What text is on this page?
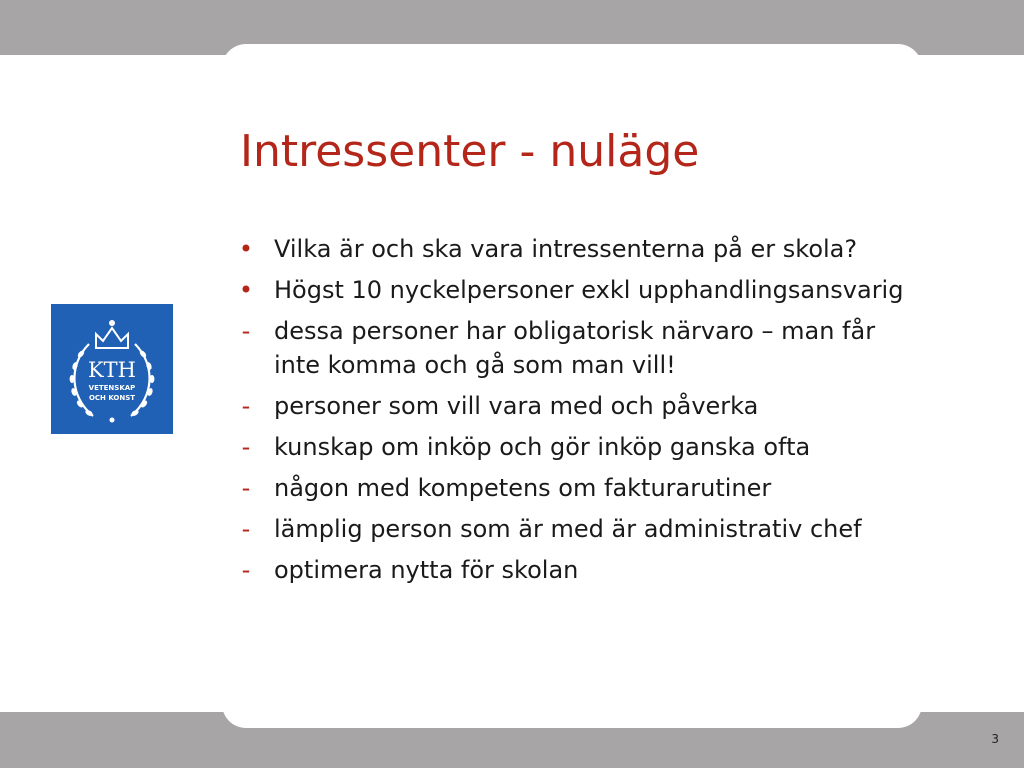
Intressenter - nuläge
KTH
VETENSKAP
OCH KONST
• Vilka är och ska vara intressenterna på er skola?
• Högst 10 nyckelpersoner exkl upphandlingsansvarig
- dessa personer har obligatorisk närvaro – man får inte komma och gå som man vill!
- personer som vill vara med och påverka
- kunskap om inköp och gör inköp ganska ofta
- någon med kompetens om fakturarutiner
- lämplig person som är med är administrativ chef
- optimera nytta för skolan
3
